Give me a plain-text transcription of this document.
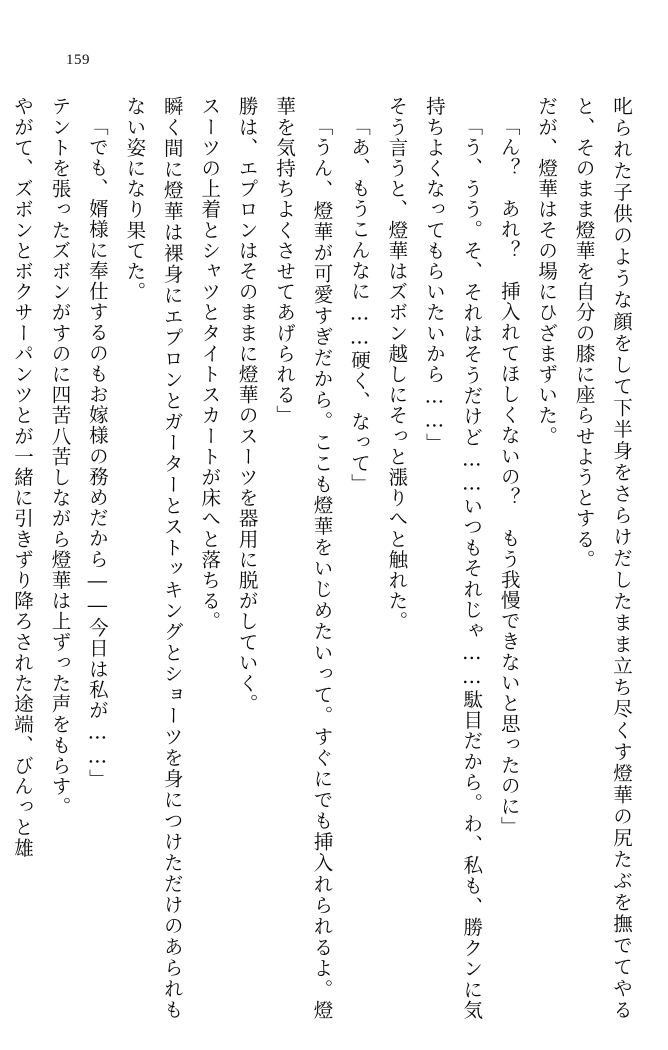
159

叱られた子供のような顔をして下半身をさらけだしたまま立ち尽くす燈華の尻たぶを撫でてやると、そのまま燈華を自分の膝に座らせようとする。

だが、燈華はその場にひざまずいた。

「ん？　あれ？　挿入れてほしくないの？　もう我慢できないと思ったのに」

「う、うう。そ、それはそうだけど……いつもそれじゃ……駄目だから。わ、私も、勝クンに気持ちよくなってもらいたいから……」

そう言うと、燈華はズボン越しにそっと漲りへと触れた。

「あ、もうこんなに……硬く、なって」

「うん、燈華が可愛すぎだから。ここも燈華をいじめたいって。すぐにでも挿入れられるよ。燈華を気持ちよくさせてあげられる」

勝は、エプロンはそのままに燈華のスーツを器用に脱がしていく。

スーツの上着とシャツとタイトスカートが床へと落ちる。

瞬く間に燈華は裸身にエプロンとガーターとストッキングとショーツを身につけただけのあられもない姿になり果てた。

「でも、婿様に奉仕するのもお嫁様の務めだから――今日は私が……」

テントを張ったズボンがすのに四苦八苦しながら燈華は上ずった声をもらす。

やがて、ズボンとボクサーパンツとが一緒に引きずり降ろされた途端、びんっと雄
